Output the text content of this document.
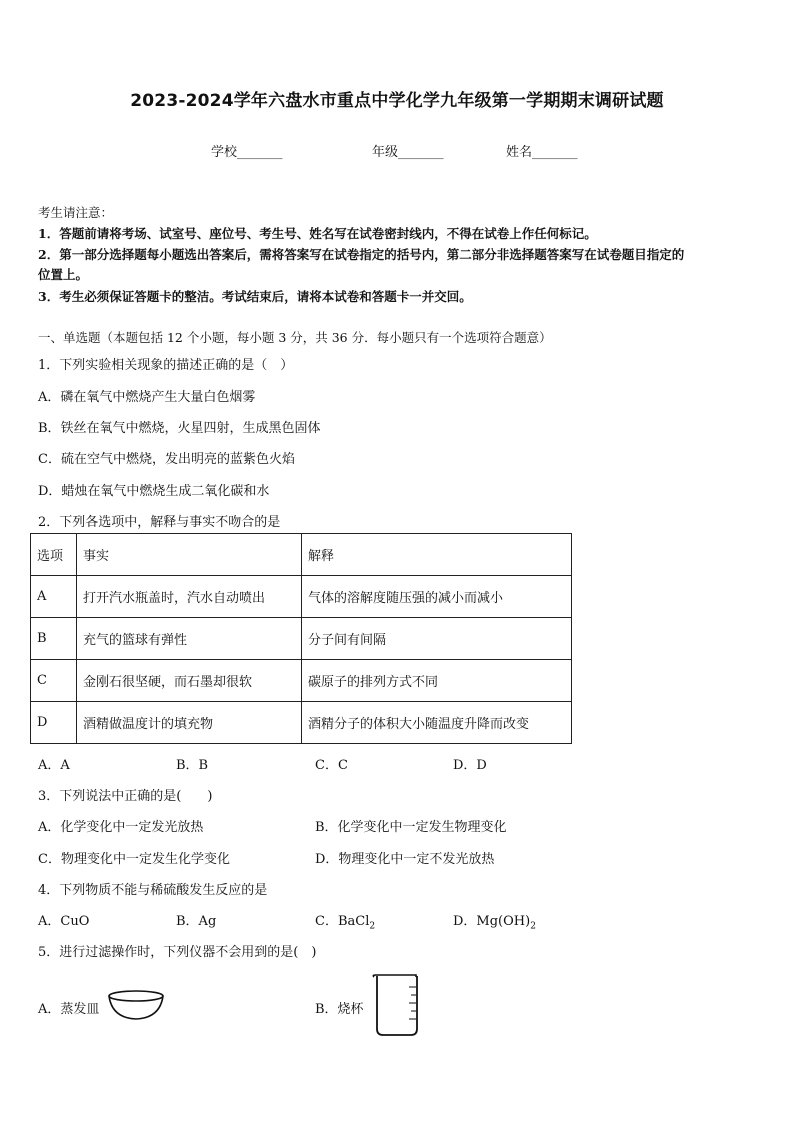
2023-2024学年六盘水市重点中学化学九年级第一学期期末调研试题
学校_______	年级_______	姓名_______
考生请注意：
1．答题前请将考场、试室号、座位号、考生号、姓名写在试卷密封线内，不得在试卷上作任何标记。
2．第一部分选择题每小题选出答案后，需将答案写在试卷指定的括号内，第二部分非选择题答案写在试卷题目指定的
位置上。
3．考生必须保证答题卡的整洁。考试结束后，请将本试卷和答题卡一并交回。
一、单选题（本题包括 12 个小题，每小题 3 分，共 36 分．每小题只有一个选项符合题意）
1．下列实验相关现象的描述正确的是（　）
A．磷在氧气中燃烧产生大量白色烟雾
B．铁丝在氧气中燃烧，火星四射，生成黑色固体
C．硫在空气中燃烧，发出明亮的蓝紫色火焰
D．蜡烛在氧气中燃烧生成二氧化碳和水
2．下列各选项中，解释与事实不吻合的是
选项	事实	解释
A	打开汽水瓶盖时，汽水自动喷出	气体的溶解度随压强的减小而减小
B	充气的篮球有弹性	分子间有间隔
C	金刚石很坚硬，而石墨却很软	碳原子的排列方式不同
D	酒精做温度计的填充物	酒精分子的体积大小随温度升降而改变
A．A	B．B	C．C	D．D
3．下列说法中正确的是(　　)
A．化学变化中一定发光放热	B．化学变化中一定发生物理变化
C．物理变化中一定发生化学变化	D．物理变化中一定不发光放热
4．下列物质不能与稀硫酸发生反应的是
A．CuO	B．Ag	C．BaCl$_2$	D．$Mg(OH)_2$
5．进行过滤操作时，下列仪器不会用到的是(　)
A．蒸发皿	B．烧杯
